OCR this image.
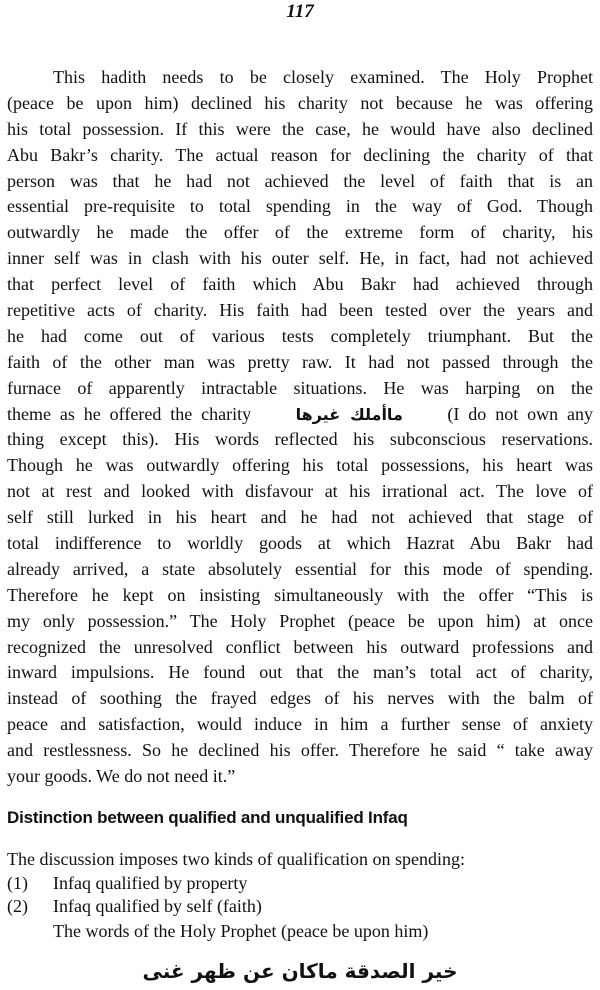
117
This hadith needs to be closely examined. The Holy Prophet
(peace be upon him) declined his charity not because he was offering
his total possession. If this were the case, he would have also declined
Abu Bakr’s charity. The actual reason for declining the charity of that
person was that he had not achieved the level of faith that is an
essential pre-requisite to total spending in the way of God. Though
outwardly he made the offer of the extreme form of charity, his
inner self was in clash with his outer self. He, in fact, had not achieved
that perfect level of faith which Abu Bakr had achieved through
repetitive acts of charity. His faith had been tested over the years and
he had come out of various tests completely triumphant. But the
faith of the other man was pretty raw. It had not passed through the
furnace of apparently intractable situations. He was harping on the
theme as he offered the charity	ماأملك غيرها (I do not own any
thing except this). His words reflected his subconscious reservations.
Though he was outwardly offering his total possessions, his heart was
not at rest and looked with disfavour at his irrational act. The love of
self still lurked in his heart and he had not achieved that stage of
total indifference to worldly goods at which Hazrat Abu Bakr had
already arrived, a state absolutely essential for this mode of spending.
Therefore he kept on insisting simultaneously with the offer “This is
my only possession.” The Holy Prophet (peace be upon him) at once
recognized the unresolved conflict between his outward professions and
inward impulsions. He found out that the man’s total act of charity,
instead of soothing the frayed edges of his nerves with the balm of
peace and satisfaction, would induce in him a further sense of anxiety
and restlessness. So he declined his offer. Therefore he said “ take away
your goods. We do not need it.”
Distinction between qualified and unqualified Infaq
The discussion imposes two kinds of qualification on spending:
(1)	Infaq qualified by property
(2)	Infaq qualified by self (faith)
The words of the Holy Prophet (peace be upon him)
خير الصدقة ماكان عن ظهر غنى
